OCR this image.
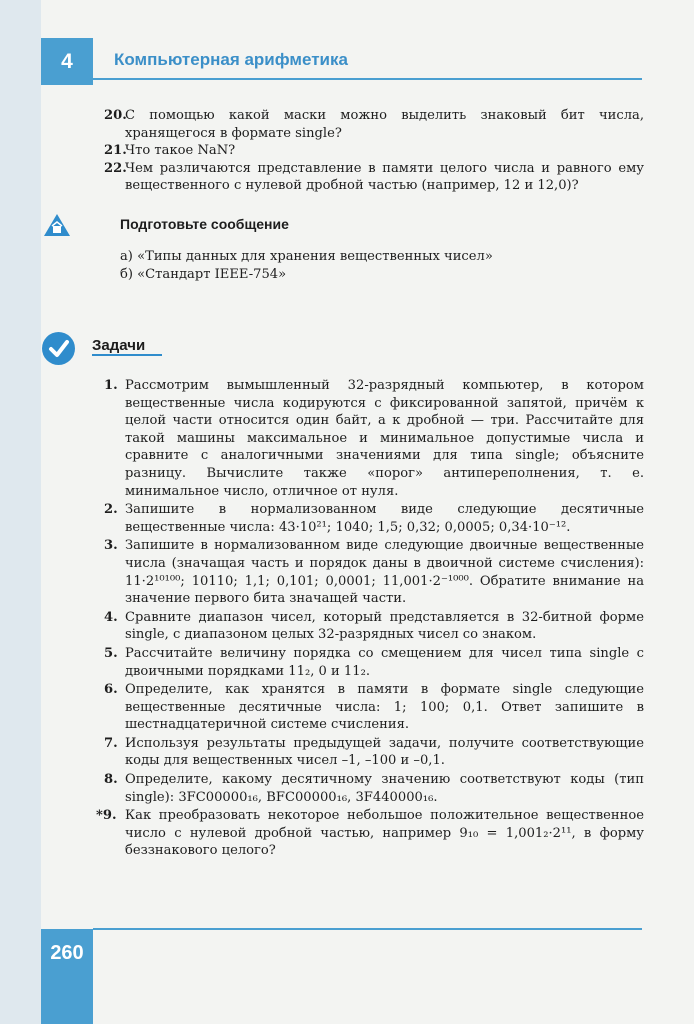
4	Компьютерная арифметика
20.
С помощью какой маски можно выделить знаковый бит числа, хранящегося в формате single?
21.
Что такое NaN?
22.
Чем различаются представление в памяти целого числа и равного ему вещественного с нулевой дробной частью (например, 12 и 12,0)?
Подготовьте сообщение
а) «Типы данных для хранения вещественных чисел»
б) «Стандарт IEEE-754»
Задачи
1. Рассмотрим вымышленный 32-разрядный компьютер, в котором вещественные числа кодируются с фиксированной запятой, причём к целой части относится один байт, а к дробной — три. Рассчитайте для такой машины максимальное и минимальное допустимые числа и сравните с аналогичными значениями для типа single; объясните разницу. Вычислите также «порог» антипереполнения, т. е. минимальное число, отличное от нуля.
2. Запишите в нормализованном виде следующие десятичные вещественные числа: 43·10²¹; 1040; 1,5; 0,32; 0,0005; 0,34·10⁻¹².
3. Запишите в нормализованном виде следующие двоичные вещественные числа (значащая часть и порядок даны в двоичной системе счисления): 11·2¹⁰¹⁰⁰; 10110; 1,1; 0,101; 0,0001; 11,001·2⁻¹⁰⁰⁰. Обратите внимание на значение первого бита значащей части.
4. Сравните диапазон чисел, который представляется в 32-битной форме single, с диапазоном целых 32-разрядных чисел со знаком.
5. Рассчитайте величину порядка со смещением для чисел типа single с двоичными порядками 11₂, 0 и 11₂.
6. Определите, как хранятся в памяти в формате single следующие вещественные десятичные числа: 1; 100; 0,1. Ответ запишите в шестнадцатеричной системе счисления.
7. Используя результаты предыдущей задачи, получите соответствующие коды для вещественных чисел –1, –100 и –0,1.
8. Определите, какому десятичному значению соответствуют коды (тип single): 3FC00000₁₆, BFC00000₁₆, 3F440000₁₆.
*9. Как преобразовать некоторое небольшое положительное вещественное число с нулевой дробной частью, например 9₁₀ = 1,001₂·2¹¹, в форму беззнакового целого?
260
